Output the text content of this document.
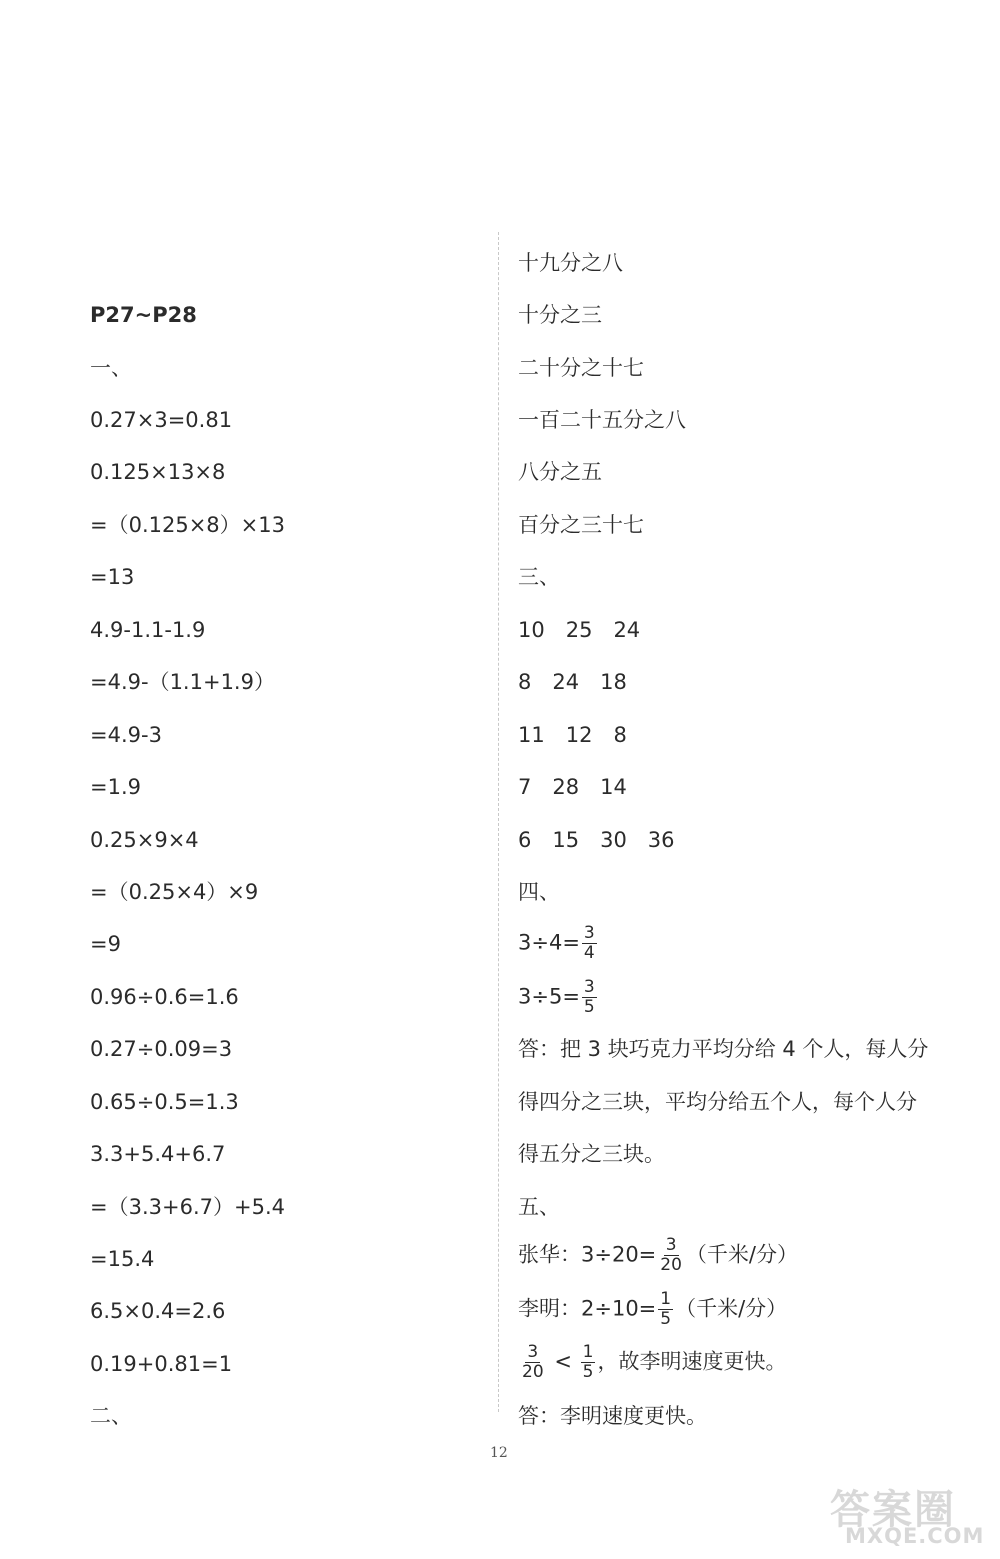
P27~P28
一、
0.27×3=0.81
0.125×13×8
=（0.125×8）×13
=13
4.9-1.1-1.9
=4.9-（1.1+1.9）
=4.9-3
=1.9
0.25×9×4
=（0.25×4）×9
=9
0.96÷0.6=1.6
0.27÷0.09=3
0.65÷0.5=1.3
3.3+5.4+6.7
=（3.3+6.7）+5.4
=15.4
6.5×0.4=2.6
0.19+0.81=1
二、
十九分之八
十分之三
二十分之十七
一百二十五分之八
八分之五
百分之三十七
三、
10　25　24
8　24　18
11　12　8
7　28　14
6　15　30　36
四、
$3\div 4= \frac{3}{4}$
$3\div 5= \frac{3}{5}$
答：把 3 块巧克力平均分给 4 个人，每人分
得四分之三块，平均分给五个人，每个人分
得五分之三块。
五、
张华：$3\div 20= \frac{3}{20}$ （千米/分）
李明：$2\div 10= \frac{1}{5}$ （千米/分）
$\frac{3}{20} < \frac{1}{5}$ ，故李明速度更快。
答：李明速度更快。
12
答案圈
MXQE.COM
